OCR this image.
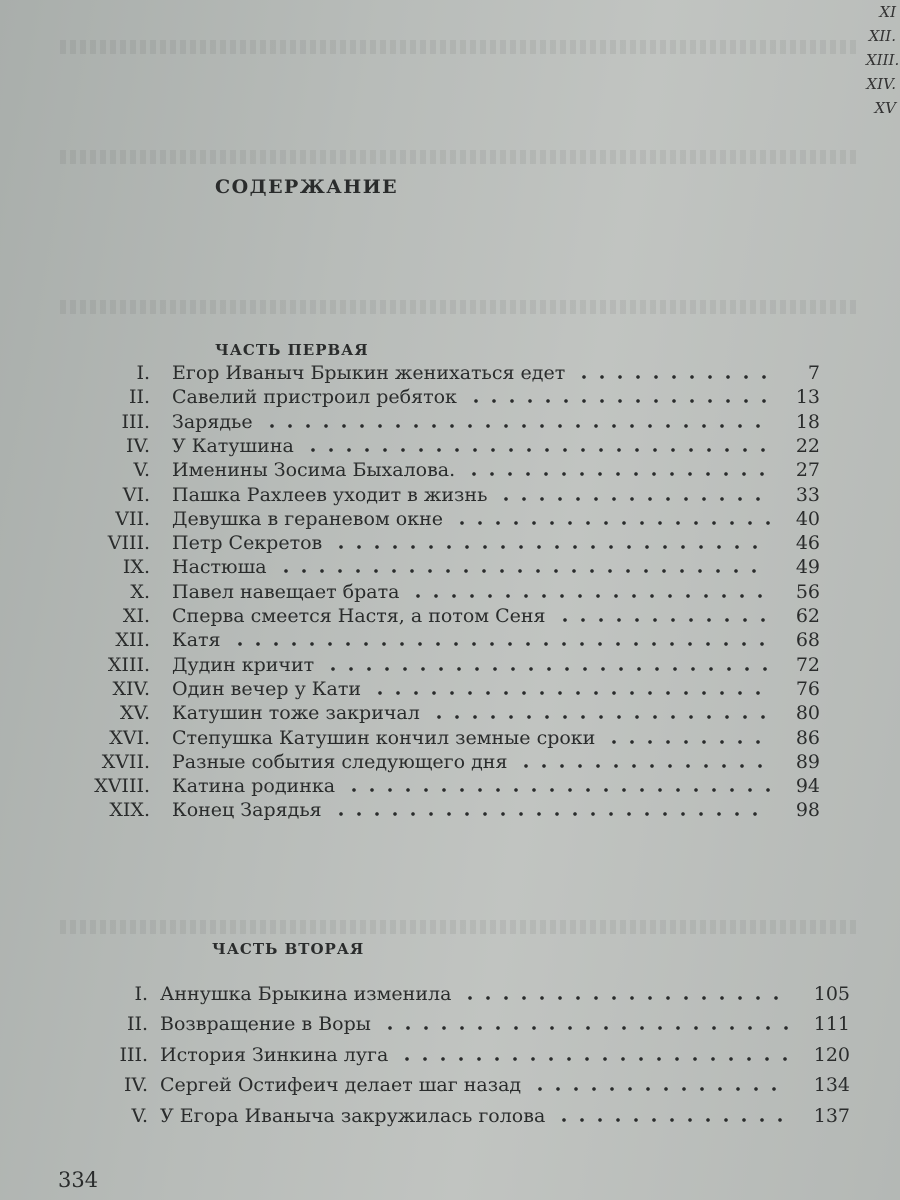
XI
XII.
XIII.
XIV.
XV
СОДЕРЖАНИЕ
ЧАСТЬ ПЕРВАЯ
I. Егор Иваныч Брыкин женихаться едет	7
II. Савелий пристроил ребяток	13
III. Зарядье	18
IV. У Катушина	22
V. Именины Зосима Быхалова.	27
VI. Пашка Рахлеев уходит в жизнь	33
VII. Девушка в гераневом окне	40
VIII. Петр Секретов	46
IX. Настюша	49
X. Павел навещает брата	56
XI. Сперва смеется Настя, а потом Сеня	62
XII. Катя	68
XIII. Дудин кричит	72
XIV. Один вечер у Кати	76
XV. Катушин тоже закричал	80
XVI. Степушка Катушин кончил земные сроки	86
XVII. Разные события следующего дня	89
XVIII. Катина родинка	94
XIX. Конец Зарядья	98
ЧАСТЬ ВТОРАЯ
I. Аннушка Брыкина изменила	105
II. Возвращение в Воры	111
III. История Зинкина луга	120
IV. Сергей Остифеич делает шаг назад	134
V. У Егора Иваныча закружилась голова	137
334
